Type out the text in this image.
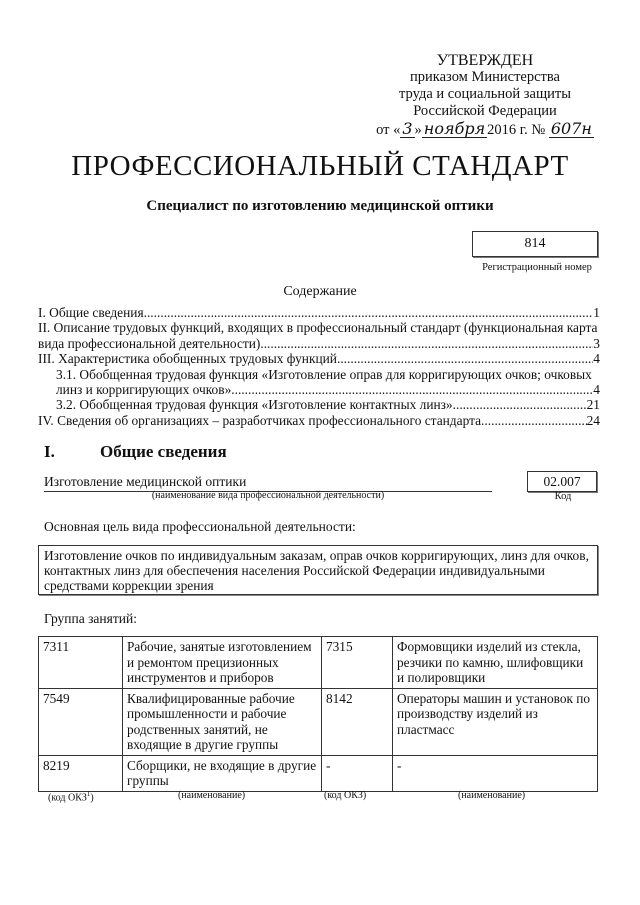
УТВЕРЖДЕН
приказом Министерства
труда и социальной защиты
Российской Федерации
от « 3 » ноября 2016 г. № 607н
ПРОФЕССИОНАЛЬНЫЙ СТАНДАРТ
Специалист по изготовлению медицинской оптики
814
Регистрационный номер
Содержание
I. Общие сведения .....	1
II. Описание трудовых функций, входящих в профессиональный стандарт (функциональная карта
вида профессиональной деятельности) .....	3
III. Характеристика обобщенных трудовых функций .....	4
3.1. Обобщенная трудовая функция «Изготовление оправ для корригирующих очков; очковых
линз и корригирующих очков» .....	4
3.2. Обобщенная трудовая функция «Изготовление контактных линз» .....	21
IV. Сведения об организациях – разработчиках профессионального стандарта .....	24
I.	Общие сведения
Изготовление медицинской оптики
(наименование вида профессиональной деятельности)
02.007
Код
Основная цель вида профессиональной деятельности:
Изготовление очков по индивидуальным заказам, оправ очков корригирующих, линз для очков, контактных линз для обеспечения населения Российской Федерации индивидуальными средствами коррекции зрения
Группа занятий:
7311	Рабочие, занятые изготовлением и ремонтом прецизионных инструментов и приборов	7315	Формовщики изделий из стекла, резчики по камню, шлифовщики и полировщики
7549	Квалифицированные рабочие промышленности и рабочие родственных занятий, не входящие в другие группы	8142	Операторы машин и установок по производству изделий из пластмасс
8219	Сборщики, не входящие в другие группы	-	-
(код ОКЗ$^1$)	(наименование)	(код ОКЗ)	(наименование)
